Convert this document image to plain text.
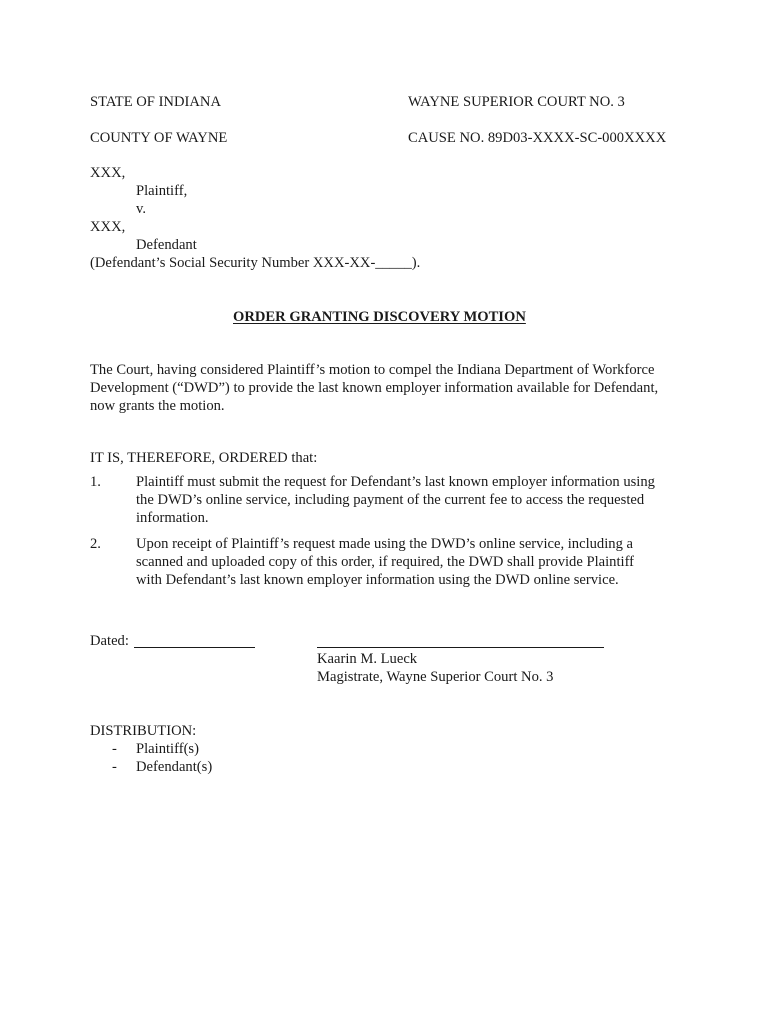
STATE OF INDIANA	WAYNE SUPERIOR COURT NO. 3
COUNTY OF WAYNE	CAUSE NO. 89D03-XXXX-SC-000XXXX
XXX,
Plaintiff,
v.
XXX,
Defendant
(Defendant’s Social Security Number XXX-XX-_____).
ORDER GRANTING DISCOVERY MOTION
The Court, having considered Plaintiff’s motion to compel the Indiana Department of Workforce
Development (“DWD”) to provide the last known employer information available for Defendant,
now grants the motion.
IT IS, THEREFORE, ORDERED that:
1. Plaintiff must submit the request for Defendant’s last known employer information using
the DWD’s online service, including payment of the current fee to access the requested
information.
2. Upon receipt of Plaintiff’s request made using the DWD’s online service, including a
scanned and uploaded copy of this order, if required, the DWD shall provide Plaintiff
with Defendant’s last known employer information using the DWD online service.
Dated:
Kaarin M. Lueck
Magistrate, Wayne Superior Court No. 3
DISTRIBUTION:
- Plaintiff(s)
- Defendant(s)
